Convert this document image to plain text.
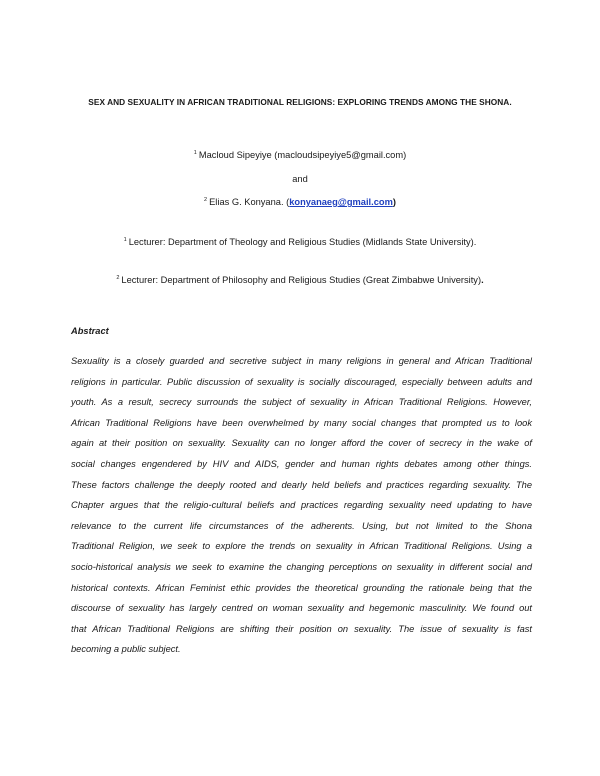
SEX AND SEXUALITY IN AFRICAN TRADITIONAL RELIGIONS: EXPLORING TRENDS AMONG THE SHONA.
$^1$ Macloud Sipeyiye (macloudsipeyiye5@gmail.com)
and
$^2$ Elias G. Konyana. (konyanaeg@gmail.com)
$^1$ Lecturer: Department of Theology and Religious Studies (Midlands State University).
$^2$ Lecturer: Department of Philosophy and Religious Studies (Great Zimbabwe University).
Abstract
Sexuality is a closely guarded and secretive subject in many religions in general and African Traditional
religions in particular. Public discussion of sexuality is socially discouraged, especially between adults and
youth. As a result, secrecy surrounds the subject of sexuality in African Traditional Religions. However,
African Traditional Religions have been overwhelmed by many social changes that prompted us to look
again at their position on sexuality. Sexuality can no longer afford the cover of secrecy in the wake of
social changes engendered by HIV and AIDS, gender and human rights debates among other things.
These factors challenge the deeply rooted and dearly held beliefs and practices regarding sexuality. The
Chapter argues that the religio-cultural beliefs and practices regarding sexuality need updating to have
relevance to the current life circumstances of the adherents. Using, but not limited to the Shona
Traditional Religion, we seek to explore the trends on sexuality in African Traditional Religions. Using a
socio-historical analysis we seek to examine the changing perceptions on sexuality in different social and
historical contexts. African Feminist ethic provides the theoretical grounding the rationale being that the
discourse of sexuality has largely centred on woman sexuality and hegemonic masculinity. We found out
that African Traditional Religions are shifting their position on sexuality. The issue of sexuality is fast
becoming a public subject.
